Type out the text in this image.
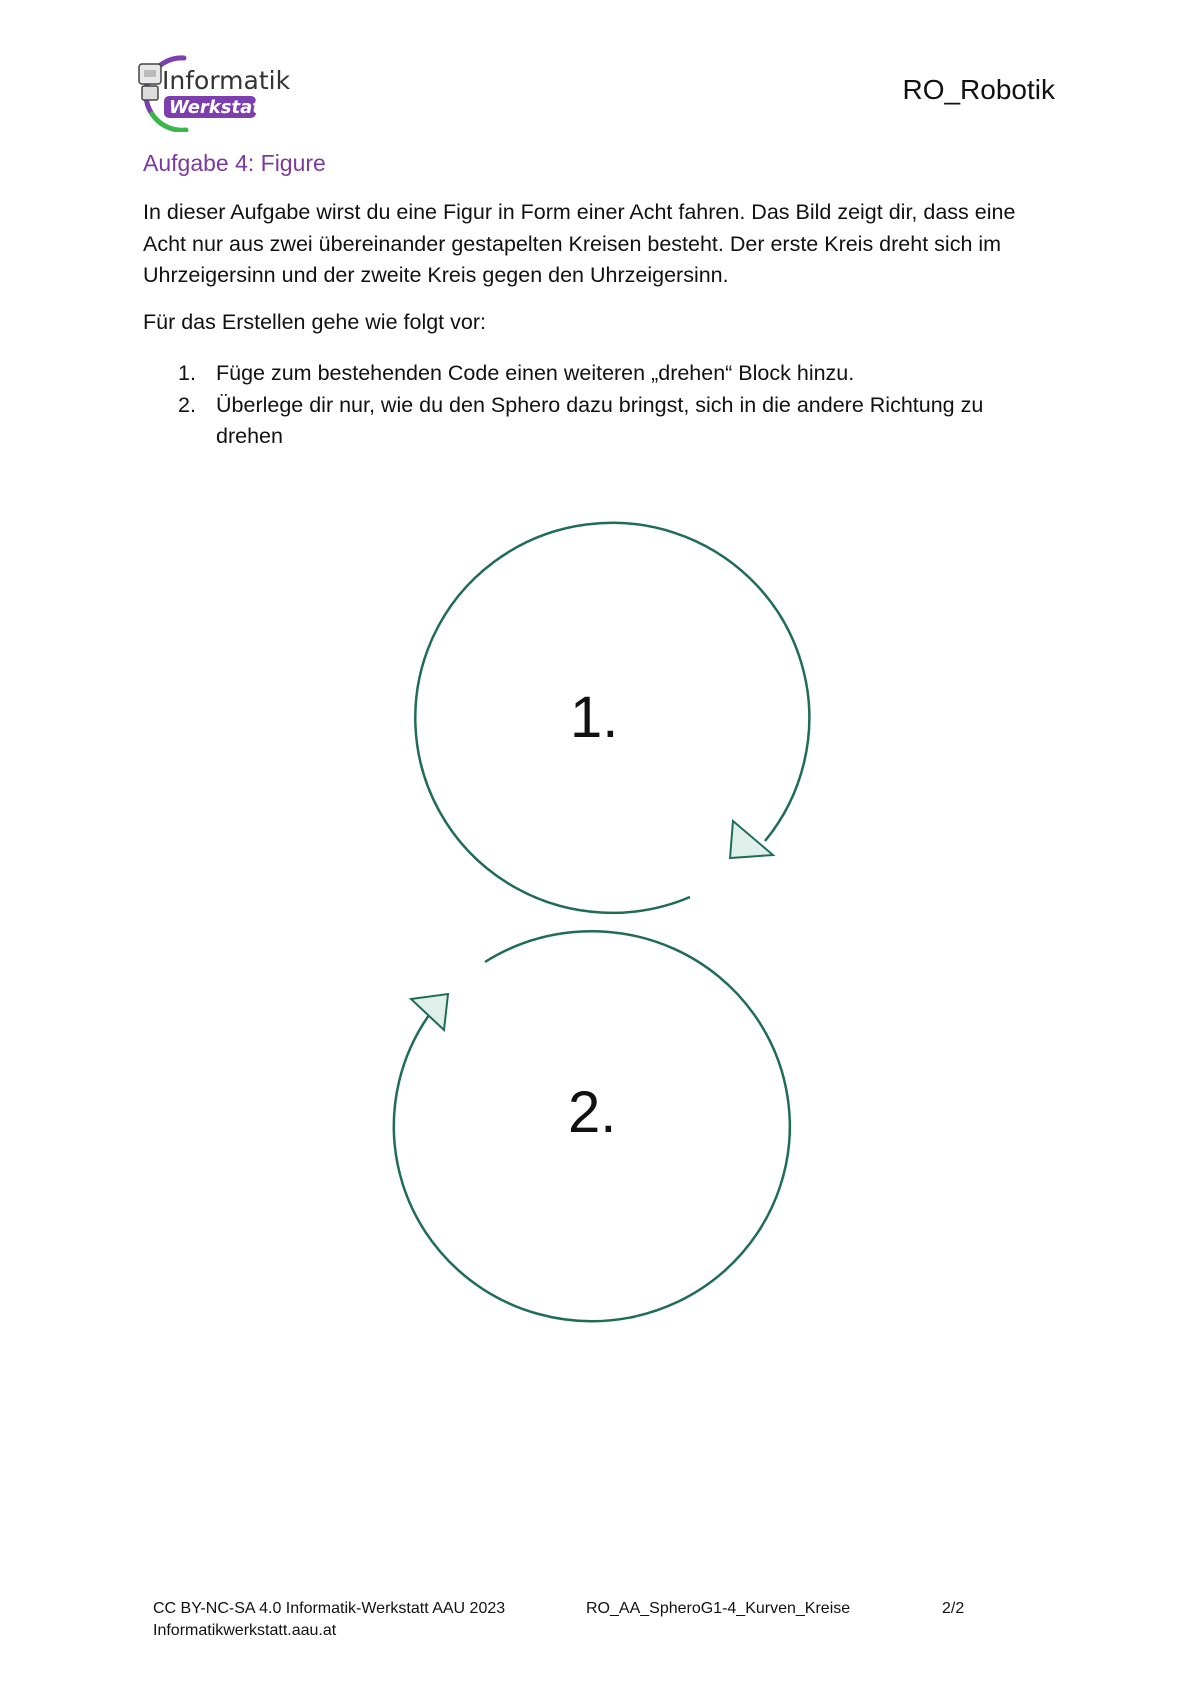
Informatik
Werkstatt
RO_Robotik
Aufgabe 4: Figure

In dieser Aufgabe wirst du eine Figur in Form einer Acht fahren. Das Bild zeigt dir, dass eine Acht nur aus zwei übereinander gestapelten Kreisen besteht. Der erste Kreis dreht sich im Uhrzeigersinn und der zweite Kreis gegen den Uhrzeigersinn.

Für das Erstellen gehe wie folgt vor:

1. Füge zum bestehenden Code einen weiteren „drehen“ Block hinzu.
2. Überlege dir nur, wie du den Sphero dazu bringst, sich in die andere Richtung zu drehen
1.
2.
CC BY-NC-SA 4.0 Informatik-Werkstatt AAU 2023
Informatikwerkstatt.aau.at
RO_AA_SpheroG1-4_Kurven_Kreise	2/2
